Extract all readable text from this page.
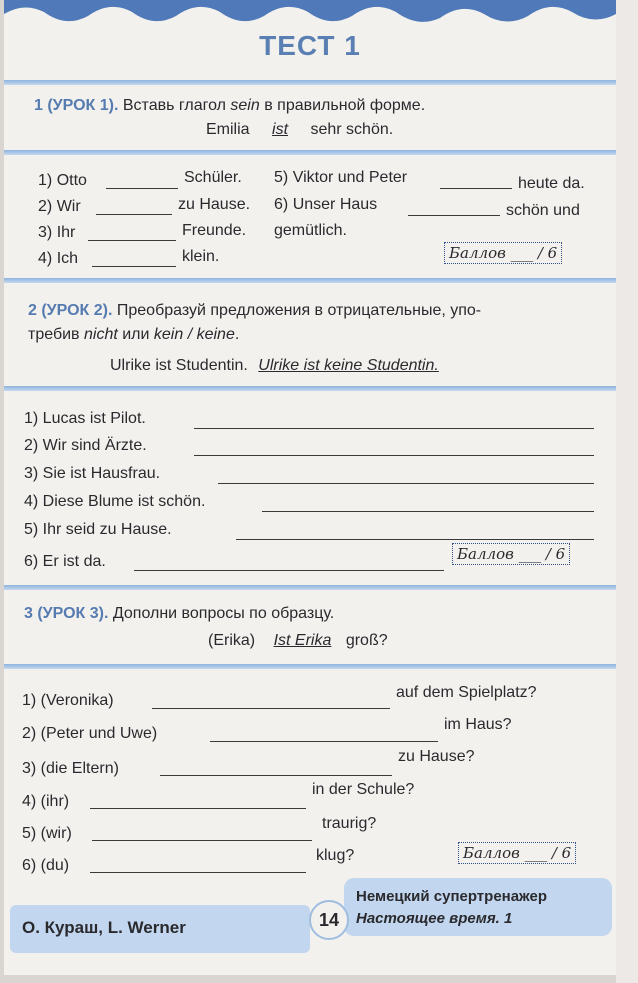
ТЕСТ 1
1 (УРОК 1). Вставь глагол sein в правильной форме.
Emilia ist sehr schön.
1) Otto	Schüler.
2) Wir	zu Hause.
3) Ihr	Freunde.
4) Ich	klein.
5) Viktor und Peter	heute da.
6) Unser Haus	schön und
gemütlich.
Баллов ___ / 6
2 (УРОК 2). Преобразуй предложения в отрицательные, упо-
требив nicht или kein / keine.
Ulrike ist Studentin. Ulrike ist keine Studentin.
1) Lucas ist Pilot.
2) Wir sind Ärzte.
3) Sie ist Hausfrau.
4) Diese Blume ist schön.
5) Ihr seid zu Hause.
6) Er ist da.	Баллов ___ / 6
3 (УРОК 3). Дополни вопросы по образцу.
(Erika) Ist Erika groß?
1) (Veronika)	auf dem Spielplatz?
2) (Peter und Uwe)
im Haus?
3) (die Eltern)
zu Hause?
4) (ihr)
in der Schule?
5) (wir)
traurig?
6) (du)
klug?	Баллов ___ / 6
О. Кураш, L. Werner	14
Немецкий супертренажер
Настоящее время. 1
